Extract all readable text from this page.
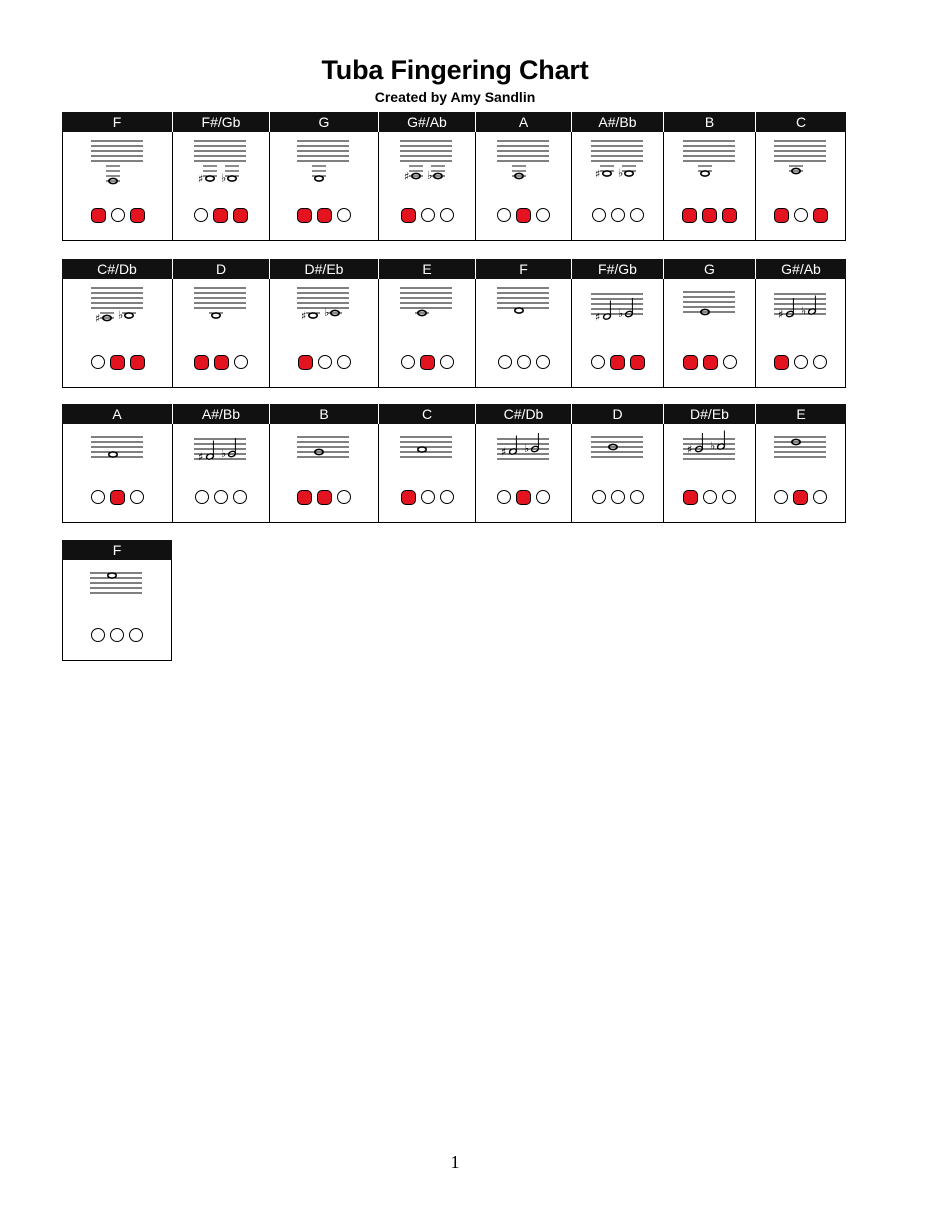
Tuba Fingering Chart
Created by Amy Sandlin
F	F#/Gb
♯ ♭
G	G#/Ab
♯ ♭
A	A#/Bb
♯ ♭
B	C
C#/Db
♯ ♭
D	D#/Eb
♯ ♭
E	F	F#/Gb
♯ ♭
G	G#/Ab
♯ ♭
A	A#/Bb
♯ ♭
B	C	C#/Db
♯ ♭
D	D#/Eb
♯ ♭
E
F
1
